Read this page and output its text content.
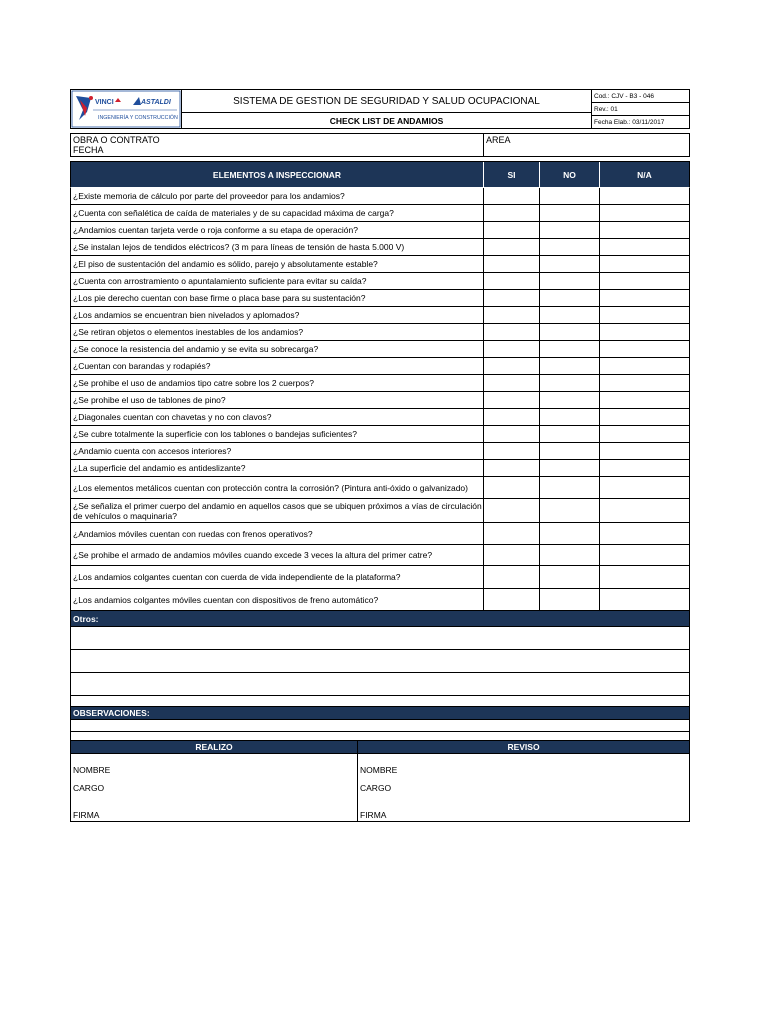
VINCI	ASTALDI
INGENIERÍA Y CONSTRUCCIÓN
SISTEMA DE GESTION DE SEGURIDAD Y SALUD OCUPACIONAL
CHECK LIST DE ANDAMIOS
Cod.: CJV - B3 - 046
Rev.: 01
Fecha Elab.: 03/11/2017
OBRA O CONTRATO
FECHA
AREA
ELEMENTOS A INSPECCIONAR	SI	NO	N/A
¿Existe memoria de cálculo por parte del proveedor para los andamios?
¿Cuenta con señalética de caída de materiales y de su capacidad máxima de carga?
¿Andamios cuentan tarjeta verde o roja conforme a su etapa de operación?
¿Se instalan lejos de tendidos eléctricos? (3 m para líneas de tensión de hasta 5.000 V)
¿El piso de sustentación del andamio es sólido, parejo y absolutamente estable?
¿Cuenta con arrostramiento o apuntalamiento suficiente para evitar su caída?
¿Los pie derecho cuentan con base firme o placa base para su sustentación?
¿Los andamios se encuentran bien nivelados y aplomados?
¿Se retiran objetos o elementos inestables de los andamios?
¿Se conoce la resistencia del andamio y se evita su sobrecarga?
¿Cuentan con barandas y rodapiés?
¿Se prohibe el uso de andamios tipo catre sobre los 2 cuerpos?
¿Se prohibe el uso de tablones de pino?
¿Diagonales cuentan con chavetas y no con clavos?
¿Se cubre totalmente la superficie con los tablones o bandejas suficientes?
¿Andamio cuenta con accesos interiores?
¿La superficie del andamio es antideslizante?
¿Los elementos metálicos cuentan con protección contra la corrosión? (Pintura anti-óxido o galvanizado)
¿Se señaliza el primer cuerpo del andamio en aquellos casos que se ubiquen próximos a vías de circulación de vehículos o maquinaria?
¿Andamios móviles cuentan con ruedas con frenos operativos?
¿Se prohibe el armado de andamios móviles cuando excede 3 veces la altura del primer catre?
¿Los andamios colgantes cuentan con cuerda de vida independiente de la plataforma?
¿Los andamios colgantes móviles cuentan con dispositivos de freno automático?
Otros:
OBSERVACIONES:
REALIZO	REVISO
NOMBRE	NOMBRE
CARGO	CARGO
FIRMA	FIRMA
